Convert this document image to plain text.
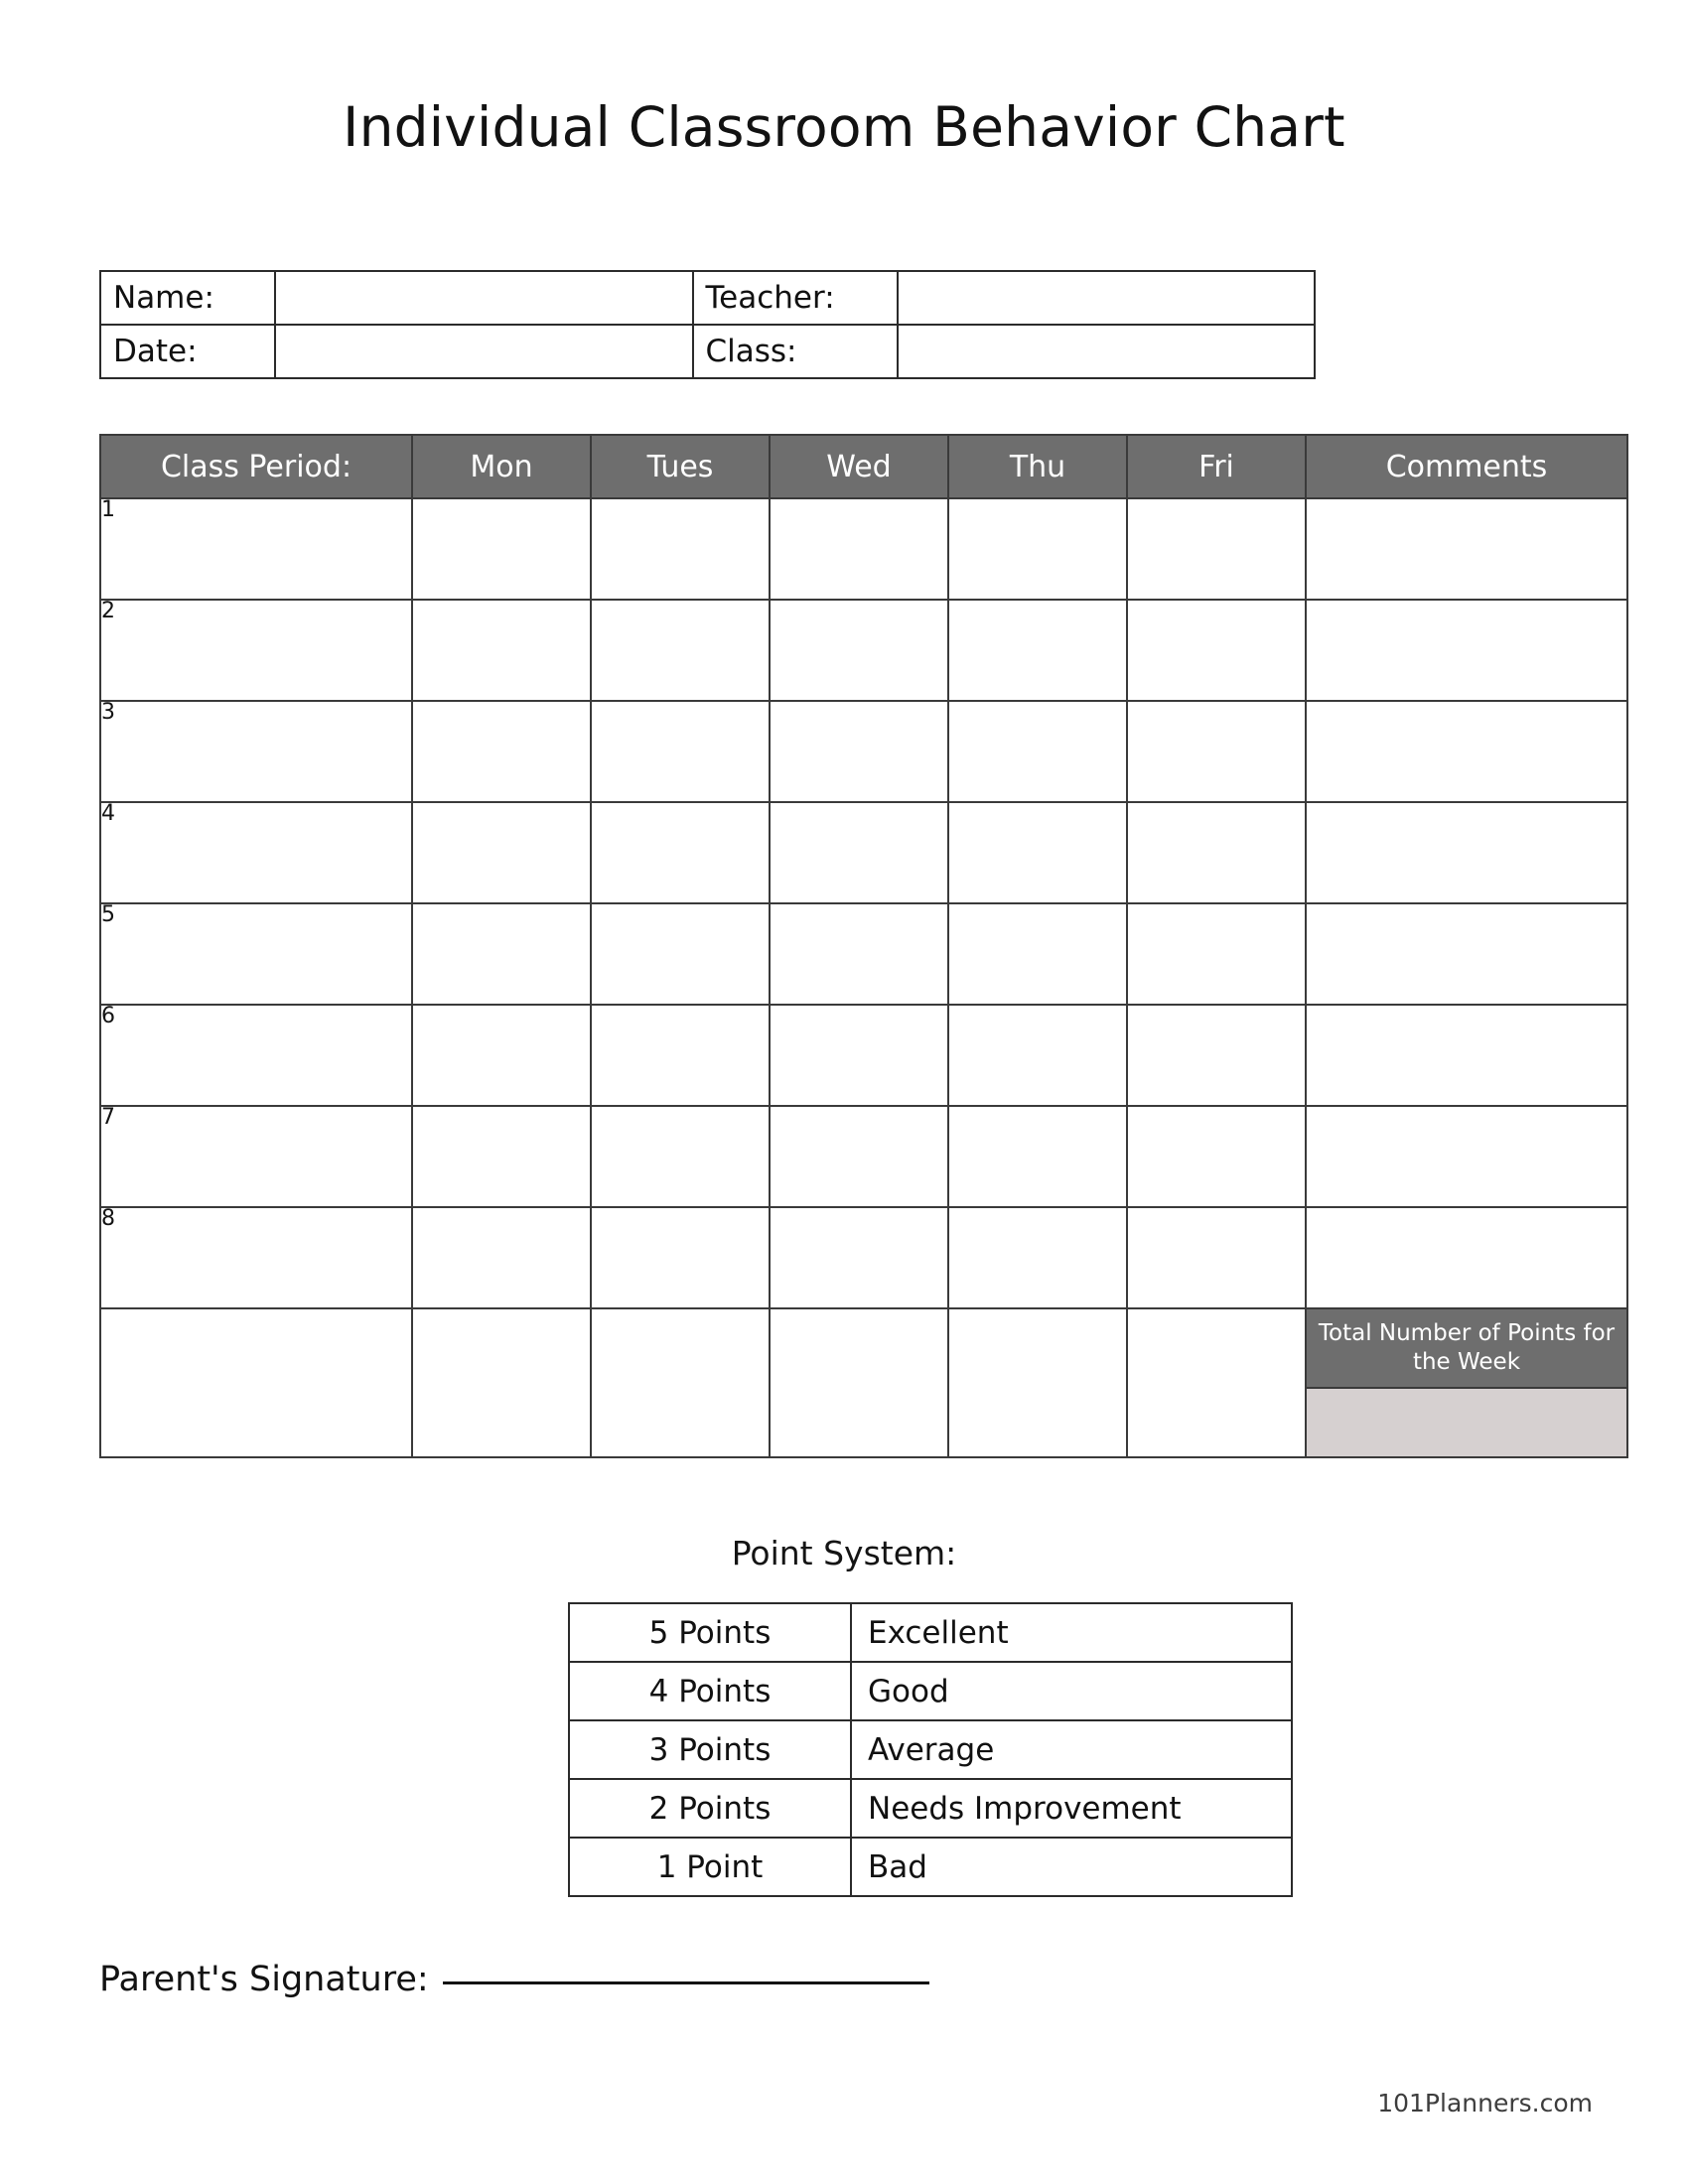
Individual Classroom Behavior Chart
Name:		Teacher:	
Date:		Class:	
Class Period:	Mon	Tues	Wed	Thu	Fri	Comments
1						
2						
3						
4						
5						
6						
7						
8						
Total Number of Points per Day						Total Number of Points for the Week
Point System:
5 Points	Excellent
4 Points	Good
3 Points	Average
2 Points	Needs Improvement
1 Point	Bad
Parent's Signature:
101Planners.com
